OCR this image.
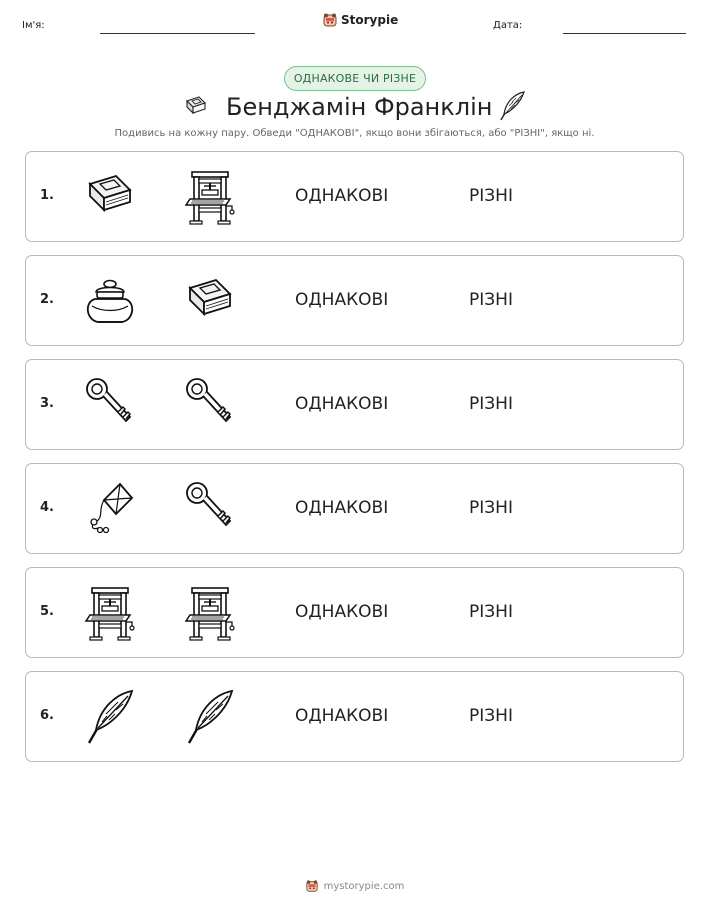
Ім'я:	Storypie	Дата:
ОДНАКОВЕ ЧИ РІЗНЕ
Бенджамін Франклін
Подивись на кожну пару. Обведи "ОДНАКОВІ", якщо вони збігаються, або "РІЗНІ", якщо ні.
1.	ОДНАКОВІ	РІЗНІ
2.	ОДНАКОВІ	РІЗНІ
3.	ОДНАКОВІ	РІЗНІ
4.	ОДНАКОВІ	РІЗНІ
5.	ОДНАКОВІ	РІЗНІ
6.	ОДНАКОВІ	РІЗНІ
mystorypie.com
